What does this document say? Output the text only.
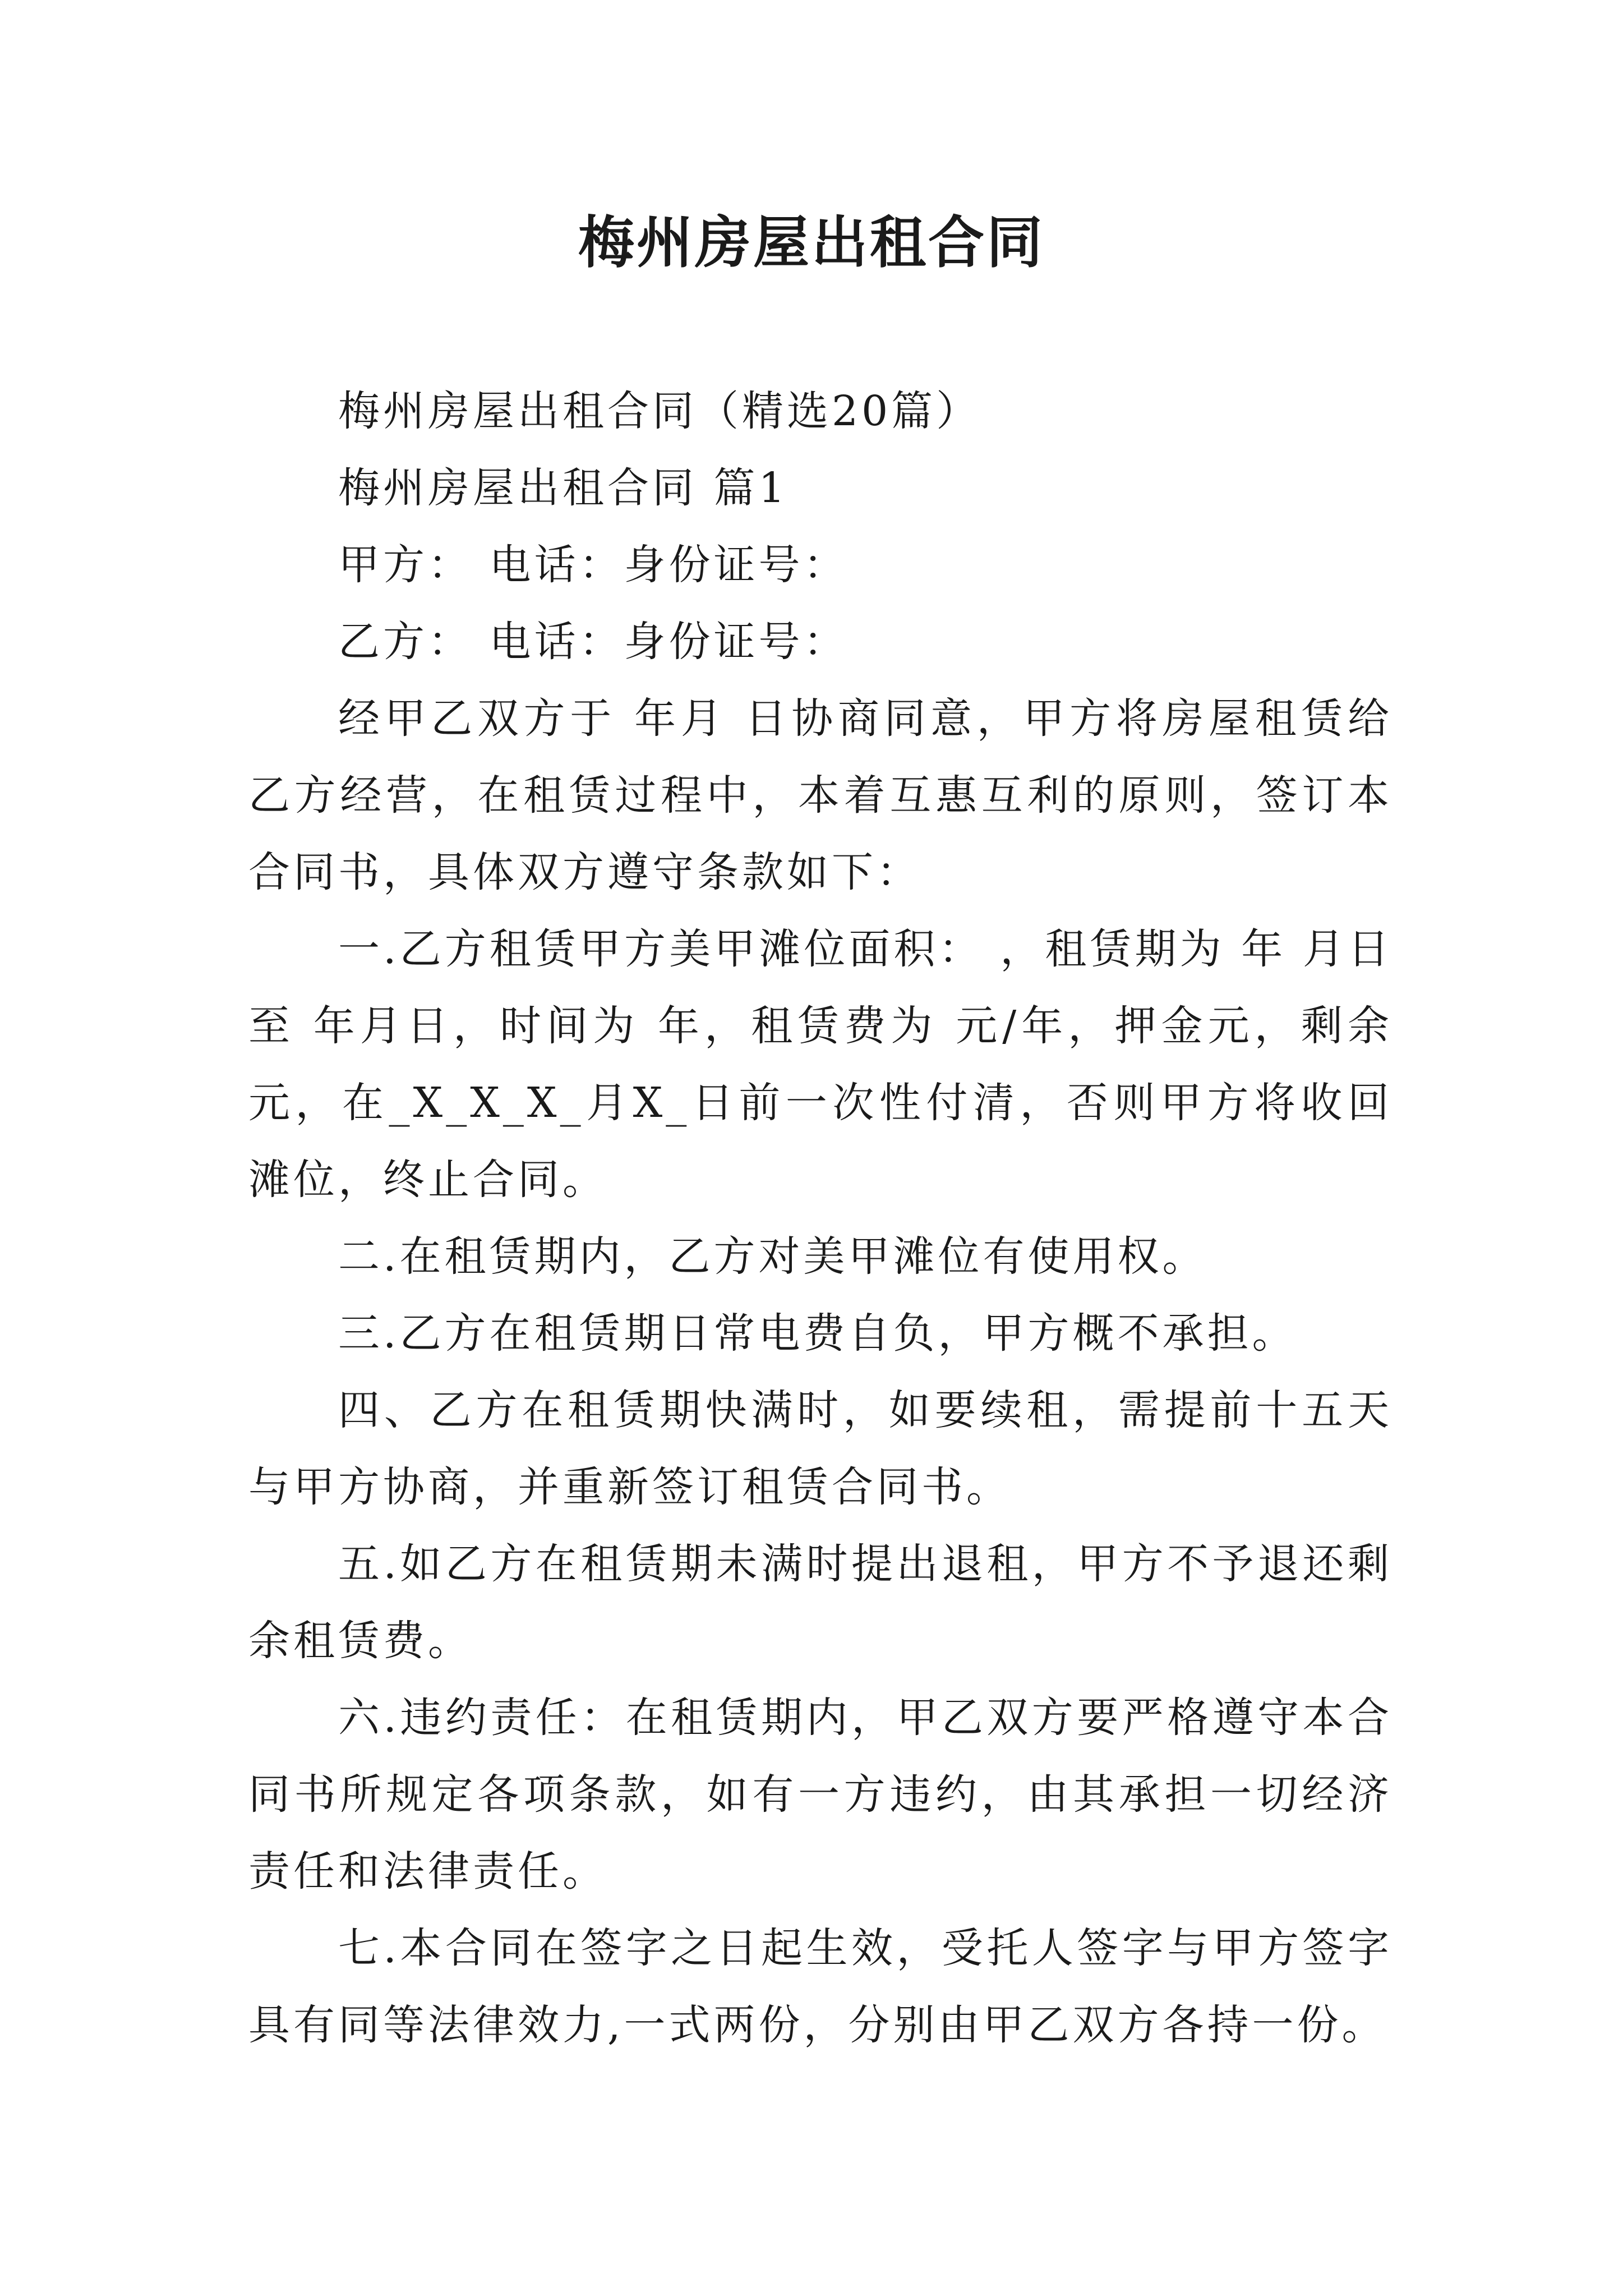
梅州房屋出租合同

梅州房屋出租合同（精选20篇）

梅州房屋出租合同 篇1

甲方： 电话：身份证号：

乙方： 电话：身份证号：

经甲乙双方于 年月 日协商同意，甲方将房屋租赁给乙方经营，在租赁过程中，本着互惠互利的原则，签订本合同书，具体双方遵守条款如下：

一.乙方租赁甲方美甲滩位面积： ，租赁期为 年 月日至 年月日，时间为 年，租赁费为 元/年，押金元，剩余元，在_X_X_X_月X_日前一次性付清，否则甲方将收回滩位，终止合同。

二.在租赁期内，乙方对美甲滩位有使用权。

三.乙方在租赁期日常电费自负，甲方概不承担。

四、乙方在租赁期快满时，如要续租，需提前十五天与甲方协商，并重新签订租赁合同书。

五.如乙方在租赁期未满时提出退租，甲方不予退还剩余租赁费。

六.违约责任：在租赁期内，甲乙双方要严格遵守本合同书所规定各项条款，如有一方违约，由其承担一切经济责任和法律责任。

七.本合同在签字之日起生效，受托人签字与甲方签字具有同等法律效力,一式两份，分别由甲乙双方各持一份。
